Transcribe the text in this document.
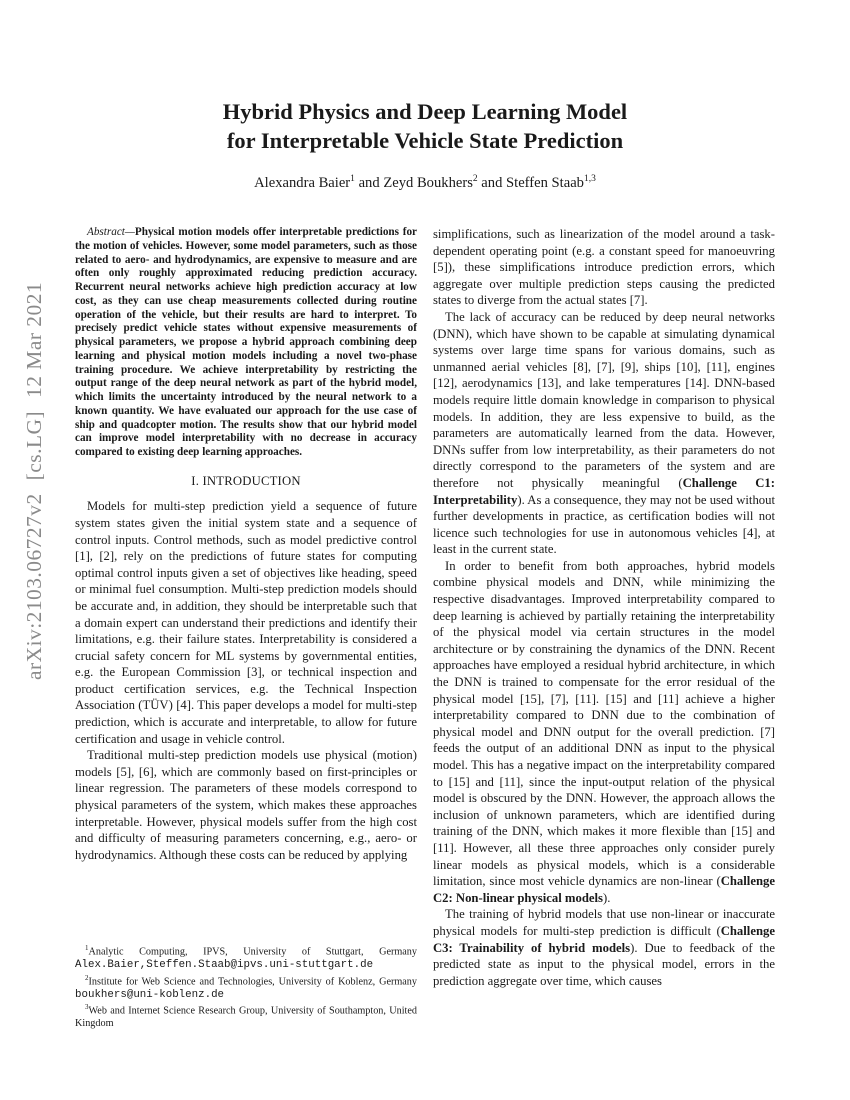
arXiv:2103.06727v2[cs.LG]12 Mar 2021
Hybrid Physics and Deep Learning Model
for Interpretable Vehicle State Prediction
Alexandra Baier$^1$ and Zeyd Boukhers$^2$ and Steffen Staab$^{1,3}$

Abstract—Physical motion models offer interpretable predictions for the motion of vehicles. However, some model parameters, such as those related to aero- and hydrodynamics, are expensive to measure and are often only roughly approximated reducing prediction accuracy. Recurrent neural networks achieve high prediction accuracy at low cost, as they can use cheap measurements collected during routine operation of the vehicle, but their results are hard to interpret. To precisely predict vehicle states without expensive measurements of physical parameters, we propose a hybrid approach combining deep learning and physical motion models including a novel two-phase training procedure. We achieve interpretability by restricting the output range of the deep neural network as part of the hybrid model, which limits the uncertainty introduced by the neural network to a known quantity. We have evaluated our approach for the use case of ship and quadcopter motion. The results show that our hybrid model can improve model interpretability with no decrease in accuracy compared to existing deep learning approaches.

I. INTRODUCTION

Models for multi-step prediction yield a sequence of future system states given the initial system state and a sequence of control inputs. Control methods, such as model predictive control [1], [2], rely on the predictions of future states for computing optimal control inputs given a set of objectives like heading, speed or minimal fuel consumption. Multi-step prediction models should be accurate and, in addition, they should be interpretable such that a domain expert can understand their predictions and identify their limitations, e.g. their failure states. Interpretability is considered a crucial safety concern for ML systems by governmental entities, e.g. the European Commission [3], or technical inspection and product certification services, e.g. the Technical Inspection Association (TÜV) [4]. This paper develops a model for multi-step prediction, which is accurate and interpretable, to allow for future certification and usage in vehicle control.

Traditional multi-step prediction models use physical (motion) models [5], [6], which are commonly based on first-principles or linear regression. The parameters of these models correspond to physical parameters of the system, which makes these approaches interpretable. However, physical models suffer from the high cost and difficulty of measuring parameters concerning, e.g., aero- or hydrodynamics. Although these costs can be reduced by applying

$^1$Analytic Computing, IPVS, University of Stuttgart, Germany Alex.Baier,Steffen.Staab@ipvs.uni-stuttgart.de

$^2$Institute for Web Science and Technologies, University of Koblenz, Germany boukhers@uni-koblenz.de

$^3$Web and Internet Science Research Group, University of Southampton, United Kingdom

simplifications, such as linearization of the model around a task-dependent operating point (e.g. a constant speed for manoeuvring [5]), these simplifications introduce prediction errors, which aggregate over multiple prediction steps causing the predicted states to diverge from the actual states [7].

The lack of accuracy can be reduced by deep neural networks (DNN), which have shown to be capable at simulating dynamical systems over large time spans for various domains, such as unmanned aerial vehicles [8], [7], [9], ships [10], [11], engines [12], aerodynamics [13], and lake temperatures [14]. DNN-based models require little domain knowledge in comparison to physical models. In addition, they are less expensive to build, as the parameters are automatically learned from the data. However, DNNs suffer from low interpretability, as their parameters do not directly correspond to the parameters of the system and are therefore not physically meaningful (Challenge C1: Interpretability). As a consequence, they may not be used without further developments in practice, as certification bodies will not licence such technologies for use in autonomous vehicles [4], at least in the current state.

In order to benefit from both approaches, hybrid models combine physical models and DNN, while minimizing the respective disadvantages. Improved interpretability compared to deep learning is achieved by partially retaining the interpretability of the physical model via certain structures in the model architecture or by constraining the dynamics of the DNN. Recent approaches have employed a residual hybrid architecture, in which the DNN is trained to compensate for the error residual of the physical model [15], [7], [11]. [15] and [11] achieve a higher interpretability compared to DNN due to the combination of physical model and DNN output for the overall prediction. [7] feeds the output of an additional DNN as input to the physical model. This has a negative impact on the interpretability compared to [15] and [11], since the input-output relation of the physical model is obscured by the DNN. However, the approach allows the inclusion of unknown parameters, which are identified during training of the DNN, which makes it more flexible than [15] and [11]. However, all these three approaches only consider purely linear models as physical models, which is a considerable limitation, since most vehicle dynamics are non-linear (Challenge C2: Non-linear physical models).

The training of hybrid models that use non-linear or inaccurate physical models for multi-step prediction is difficult (Challenge C3: Trainability of hybrid models). Due to feedback of the predicted state as input to the physical model, errors in the prediction aggregate over time, which causes
